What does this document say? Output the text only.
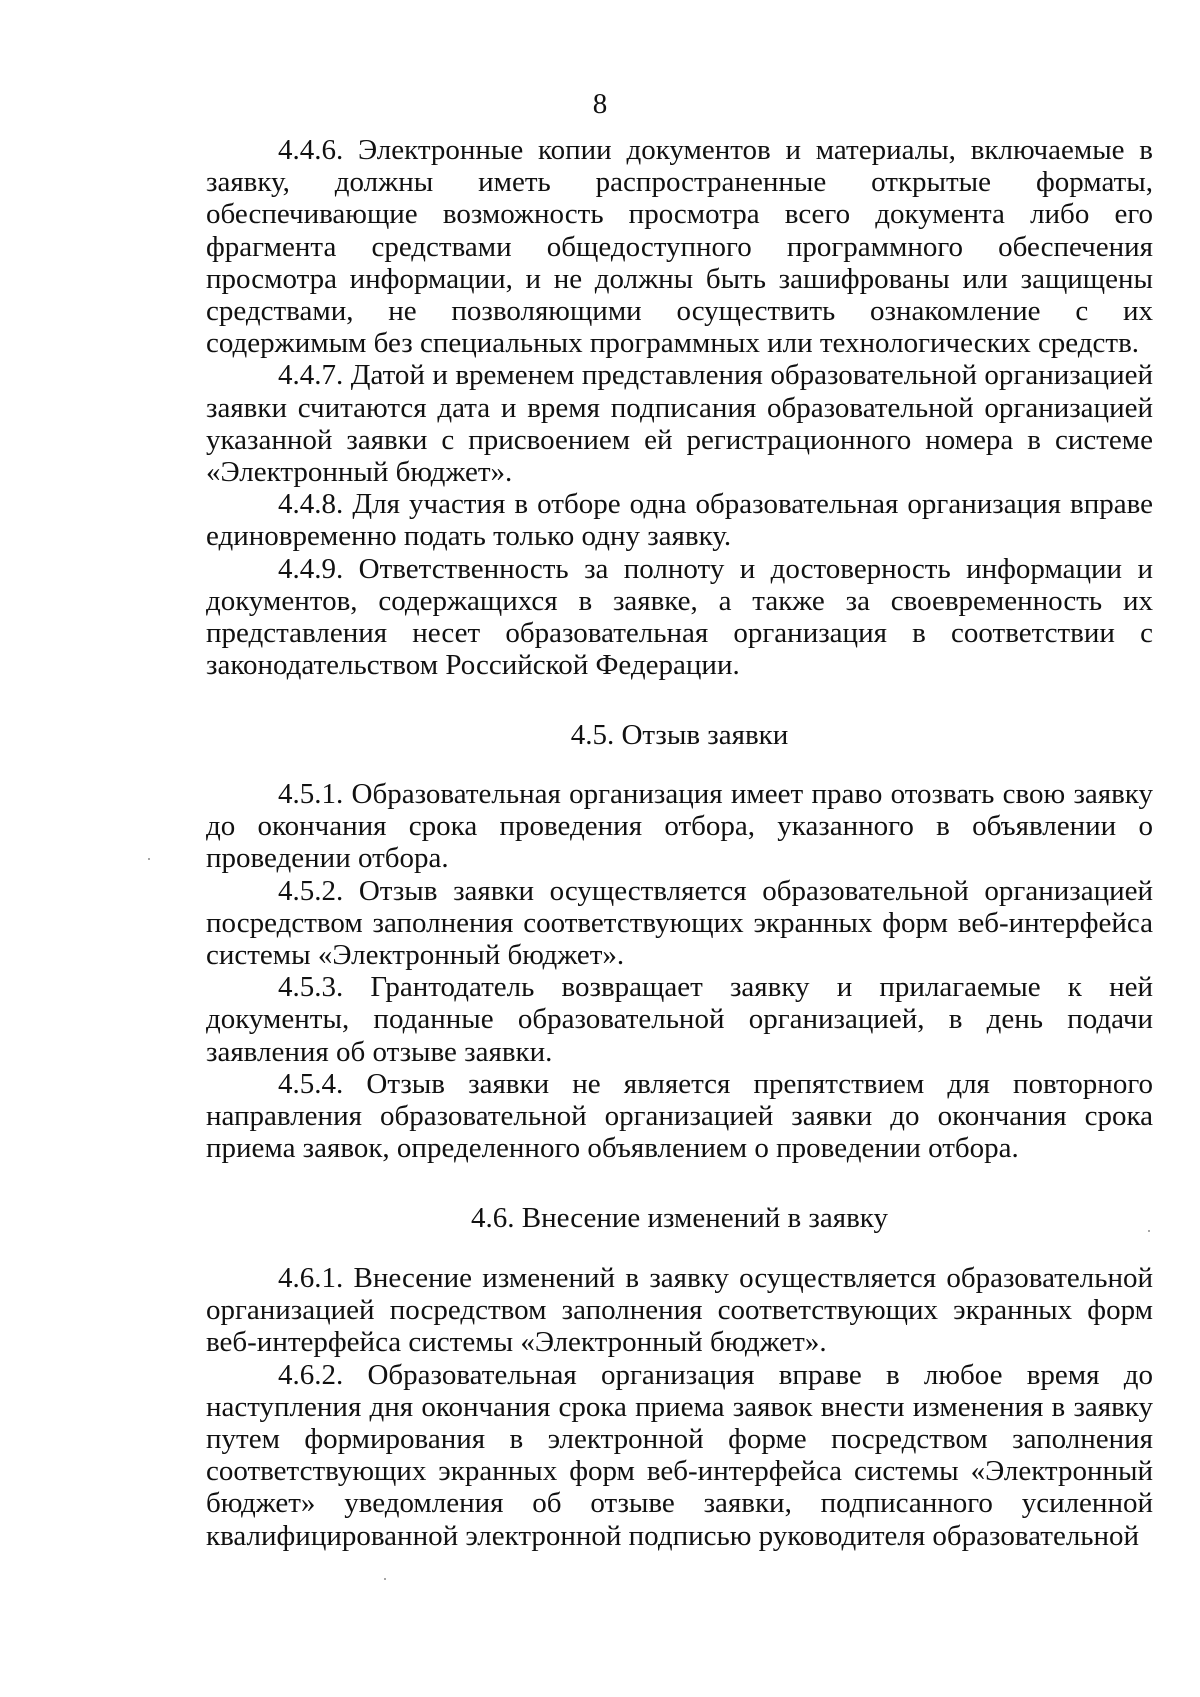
8

4.4.6. Электронные копии документов и материалы, включаемые в заявку, должны иметь распространенные открытые форматы, обеспечивающие возможность просмотра всего документа либо его фрагмента средствами общедоступного программного обеспечения просмотра информации, и не должны быть зашифрованы или защищены средствами, не позволяющими осуществить ознакомление с их содержимым без специальных программных или технологических средств.

4.4.7. Датой и временем представления образовательной организацией заявки считаются дата и время подписания образовательной организацией указанной заявки с присвоением ей регистрационного номера в системе «Электронный бюджет».

4.4.8. Для участия в отборе одна образовательная организация вправе единовременно подать только одну заявку.

4.4.9. Ответственность за полноту и достоверность информации и документов, содержащихся в заявке, а также за своевременность их представления несет образовательная организация в соответствии с законодательством Российской Федерации.

4.5. Отзыв заявки

4.5.1. Образовательная организация имеет право отозвать свою заявку до окончания срока проведения отбора, указанного в объявлении о проведении отбора.

4.5.2. Отзыв заявки осуществляется образовательной организацией посредством заполнения соответствующих экранных форм веб-интерфейса системы «Электронный бюджет».

4.5.3. Грантодатель возвращает заявку и прилагаемые к ней документы, поданные образовательной организацией, в день подачи заявления об отзыве заявки.

4.5.4. Отзыв заявки не является препятствием для повторного направления образовательной организацией заявки до окончания срока приема заявок, определенного объявлением о проведении отбора.

4.6. Внесение изменений в заявку

4.6.1. Внесение изменений в заявку осуществляется образовательной организацией посредством заполнения соответствующих экранных форм веб-интерфейса системы «Электронный бюджет».

4.6.2. Образовательная организация вправе в любое время до наступления дня окончания срока приема заявок внести изменения в заявку путем формирования в электронной форме посредством заполнения соответствующих экранных форм веб-интерфейса системы «Электронный бюджет» уведомления об отзыве заявки, подписанного усиленной квалифицированной электронной подписью руководителя образовательной
